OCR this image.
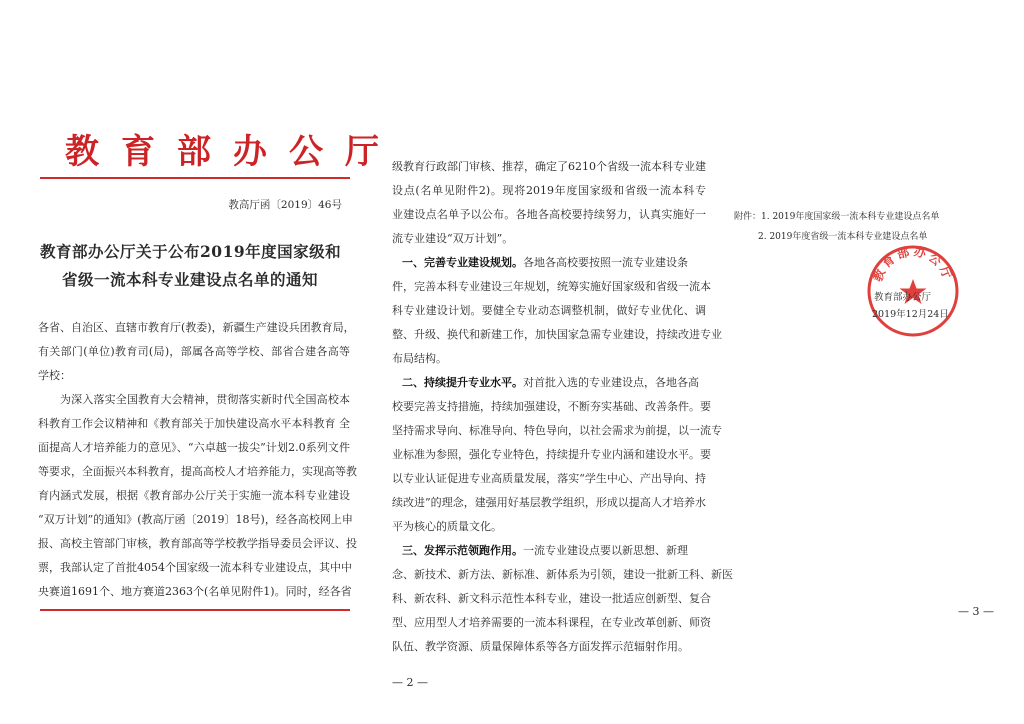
教育部办公厅
教高厅函〔2019〕46号
教育部办公厅关于公布2019年度国家级和
省级一流本科专业建设点名单的通知
各省、自治区、直辖市教育厅(教委)，新疆生产建设兵团教育局，
有关部门(单位)教育司(局)，部属各高等学校、部省合建各高等
学校：
为深入落实全国教育大会精神，贯彻落实新时代全国高校本
科教育工作会议精神和《教育部关于加快建设高水平本科教育 全
面提高人才培养能力的意见》、“六卓越一拔尖”计划2.0系列文件
等要求，全面振兴本科教育，提高高校人才培养能力，实现高等教
育内涵式发展，根据《教育部办公厅关于实施一流本科专业建设
“双万计划”的通知》(教高厅函〔2019〕18号)，经各高校网上申
报、高校主管部门审核，教育部高等学校教学指导委员会评议、投
票，我部认定了首批4054个国家级一流本科专业建设点，其中中
央赛道1691个、地方赛道2363个(名单见附件1)。同时，经各省
级教育行政部门审核、推荐，确定了6210个省级一流本科专业建
设点(名单见附件2)。现将2019年度国家级和省级一流本科专
业建设点名单予以公布。各地各高校要持续努力，认真实施好一
流专业建设“双万计划”。
一、完善专业建设规划。各地各高校要按照一流专业建设条
件，完善本科专业建设三年规划，统筹实施好国家级和省级一流本
科专业建设计划。要健全专业动态调整机制，做好专业优化、调
整、升级、换代和新建工作，加快国家急需专业建设，持续改进专业
布局结构。
二、持续提升专业水平。对首批入选的专业建设点，各地各高
校要完善支持措施，持续加强建设，不断夯实基础、改善条件。要
坚持需求导向、标准导向、特色导向，以社会需求为前提，以一流专
业标准为参照，强化专业特色，持续提升专业内涵和建设水平。要
以专业认证促进专业高质量发展，落实“学生中心、产出导向、持
续改进”的理念，建强用好基层教学组织，形成以提高人才培养水
平为核心的质量文化。
三、发挥示范领跑作用。一流专业建设点要以新思想、新理
念、新技术、新方法、新标准、新体系为引领，建设一批新工科、新医
科、新农科、新文科示范性本科专业，建设一批适应创新型、复合
型、应用型人才培养需要的一流本科课程，在专业改革创新、师资
队伍、教学资源、质量保障体系等各方面发挥示范辐射作用。
— 2 —
附件：1. 2019年度国家级一流本科专业建设点名单
2. 2019年度省级一流本科专业建设点名单
教育部办公厅
教育部办公厅
2019年12月24日
— 3 —
